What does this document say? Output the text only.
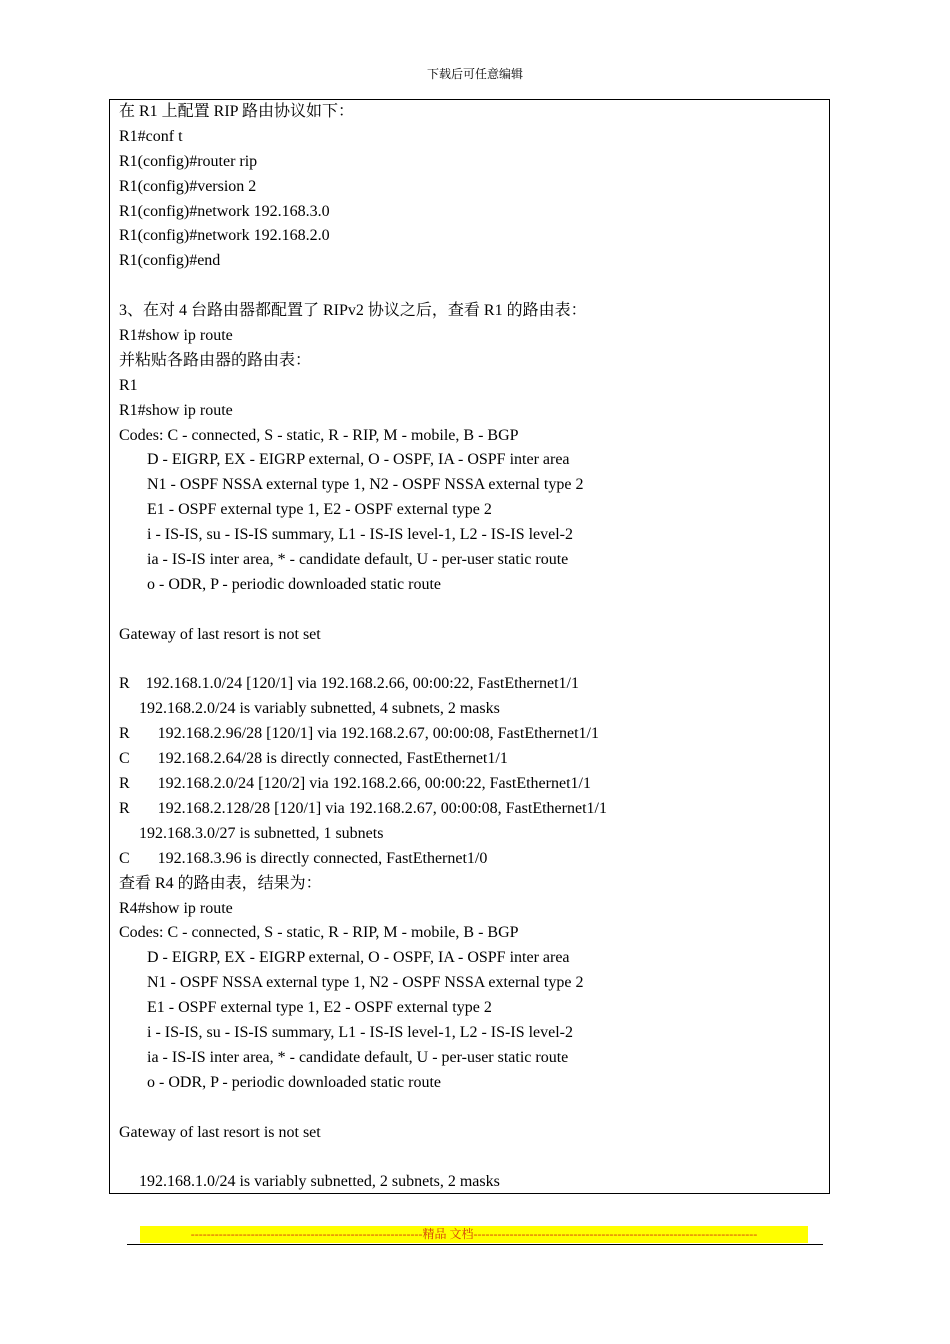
下载后可任意编辑
在 R1 上配置 RIP 路由协议如下：
R1#conf t
R1(config)#router rip
R1(config)#version 2
R1(config)#network 192.168.3.0
R1(config)#network 192.168.2.0
R1(config)#end
3、在对 4 台路由器都配置了 RIPv2 协议之后，查看 R1 的路由表：
R1#show ip route
并粘贴各路由器的路由表：
R1
R1#show ip route
Codes: C - connected, S - static, R - RIP, M - mobile, B - BGP
D - EIGRP, EX - EIGRP external, O - OSPF, IA - OSPF inter area
N1 - OSPF NSSA external type 1, N2 - OSPF NSSA external type 2
E1 - OSPF external type 1, E2 - OSPF external type 2
i - IS-IS, su - IS-IS summary, L1 - IS-IS level-1, L2 - IS-IS level-2
ia - IS-IS inter area, * - candidate default, U - per-user static route
o - ODR, P - periodic downloaded static route
Gateway of last resort is not set
R    192.168.1.0/24 [120/1] via 192.168.2.66, 00:00:22, FastEthernet1/1
192.168.2.0/24 is variably subnetted, 4 subnets, 2 masks
R       192.168.2.96/28 [120/1] via 192.168.2.67, 00:00:08, FastEthernet1/1
C       192.168.2.64/28 is directly connected, FastEthernet1/1
R       192.168.2.0/24 [120/2] via 192.168.2.66, 00:00:22, FastEthernet1/1
R       192.168.2.128/28 [120/1] via 192.168.2.67, 00:00:08, FastEthernet1/1
192.168.3.0/27 is subnetted, 1 subnets
C       192.168.3.96 is directly connected, FastEthernet1/0
查看 R4 的路由表，结果为：
R4#show ip route
Codes: C - connected, S - static, R - RIP, M - mobile, B - BGP
D - EIGRP, EX - EIGRP external, O - OSPF, IA - OSPF inter area
N1 - OSPF NSSA external type 1, N2 - OSPF NSSA external type 2
E1 - OSPF external type 1, E2 - OSPF external type 2
i - IS-IS, su - IS-IS summary, L1 - IS-IS level-1, L2 - IS-IS level-2
ia - IS-IS inter area, * - candidate default, U - per-user static route
o - ODR, P - periodic downloaded static route
Gateway of last resort is not set
192.168.1.0/24 is variably subnetted, 2 subnets, 2 masks
----------------------------------------------------------精品 文档-----------------------------------------------------------------------
